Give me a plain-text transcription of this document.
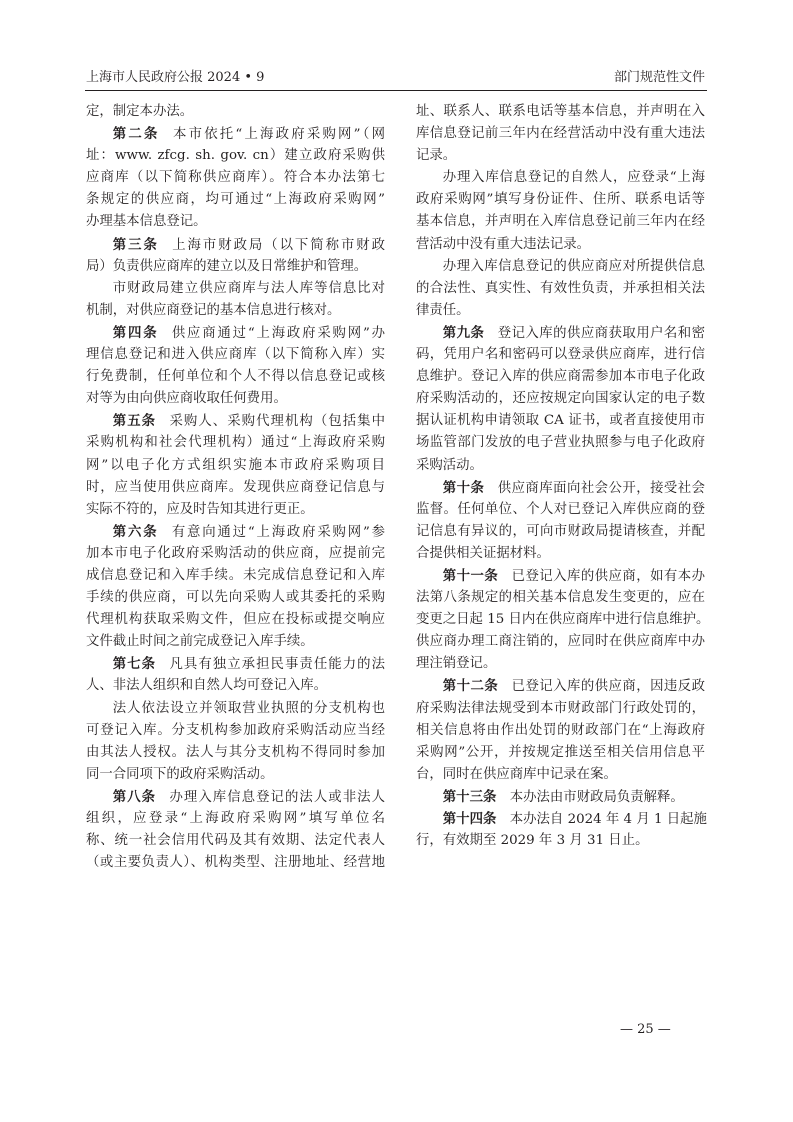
上海市人民政府公报 2024 • 9	部门规范性文件
定，制定本办法。
第二条 本市依托“上海政府采购网”（网
址：www. zfcg. sh. gov. cn）建立政府采购供
应商库（以下简称供应商库）。符合本办法第七
条规定的供应商，均可通过“上海政府采购网”
办理基本信息登记。
第三条 上海市财政局（以下简称市财政
局）负责供应商库的建立以及日常维护和管理。
市财政局建立供应商库与法人库等信息比对
机制，对供应商登记的基本信息进行核对。
第四条 供应商通过“上海政府采购网”办
理信息登记和进入供应商库（以下简称入库）实
行免费制，任何单位和个人不得以信息登记或核
对等为由向供应商收取任何费用。
第五条 采购人、采购代理机构（包括集中
采购机构和社会代理机构）通过“上海政府采购
网”以电子化方式组织实施本市政府采购项目
时，应当使用供应商库。发现供应商登记信息与
实际不符的，应及时告知其进行更正。
第六条 有意向通过“上海政府采购网”参
加本市电子化政府采购活动的供应商，应提前完
成信息登记和入库手续。未完成信息登记和入库
手续的供应商，可以先向采购人或其委托的采购
代理机构获取采购文件，但应在投标或提交响应
文件截止时间之前完成登记入库手续。
第七条 凡具有独立承担民事责任能力的法
人、非法人组织和自然人均可登记入库。
法人依法设立并领取营业执照的分支机构也
可登记入库。分支机构参加政府采购活动应当经
由其法人授权。法人与其分支机构不得同时参加
同一合同项下的政府采购活动。
第八条 办理入库信息登记的法人或非法人
组织，应登录“上海政府采购网”填写单位名
称、统一社会信用代码及其有效期、法定代表人
（或主要负责人）、机构类型、注册地址、经营地
址、联系人、联系电话等基本信息，并声明在入
库信息登记前三年内在经营活动中没有重大违法
记录。
办理入库信息登记的自然人，应登录“上海
政府采购网”填写身份证件、住所、联系电话等
基本信息，并声明在入库信息登记前三年内在经
营活动中没有重大违法记录。
办理入库信息登记的供应商应对所提供信息
的合法性、真实性、有效性负责，并承担相关法
律责任。
第九条 登记入库的供应商获取用户名和密
码，凭用户名和密码可以登录供应商库，进行信
息维护。登记入库的供应商需参加本市电子化政
府采购活动的，还应按规定向国家认定的电子数
据认证机构申请领取 CA 证书，或者直接使用市
场监管部门发放的电子营业执照参与电子化政府
采购活动。
第十条 供应商库面向社会公开，接受社会
监督。任何单位、个人对已登记入库供应商的登
记信息有异议的，可向市财政局提请核查，并配
合提供相关证据材料。
第十一条 已登记入库的供应商，如有本办
法第八条规定的相关基本信息发生变更的，应在
变更之日起 15 日内在供应商库中进行信息维护。
供应商办理工商注销的，应同时在供应商库中办
理注销登记。
第十二条 已登记入库的供应商，因违反政
府采购法律法规受到本市财政部门行政处罚的，
相关信息将由作出处罚的财政部门在“上海政府
采购网”公开，并按规定推送至相关信用信息平
台，同时在供应商库中记录在案。
第十三条 本办法由市财政局负责解释。
第十四条 本办法自 2024 年 4 月 1 日起施
行，有效期至 2029 年 3 月 31 日止。
— 25 —
